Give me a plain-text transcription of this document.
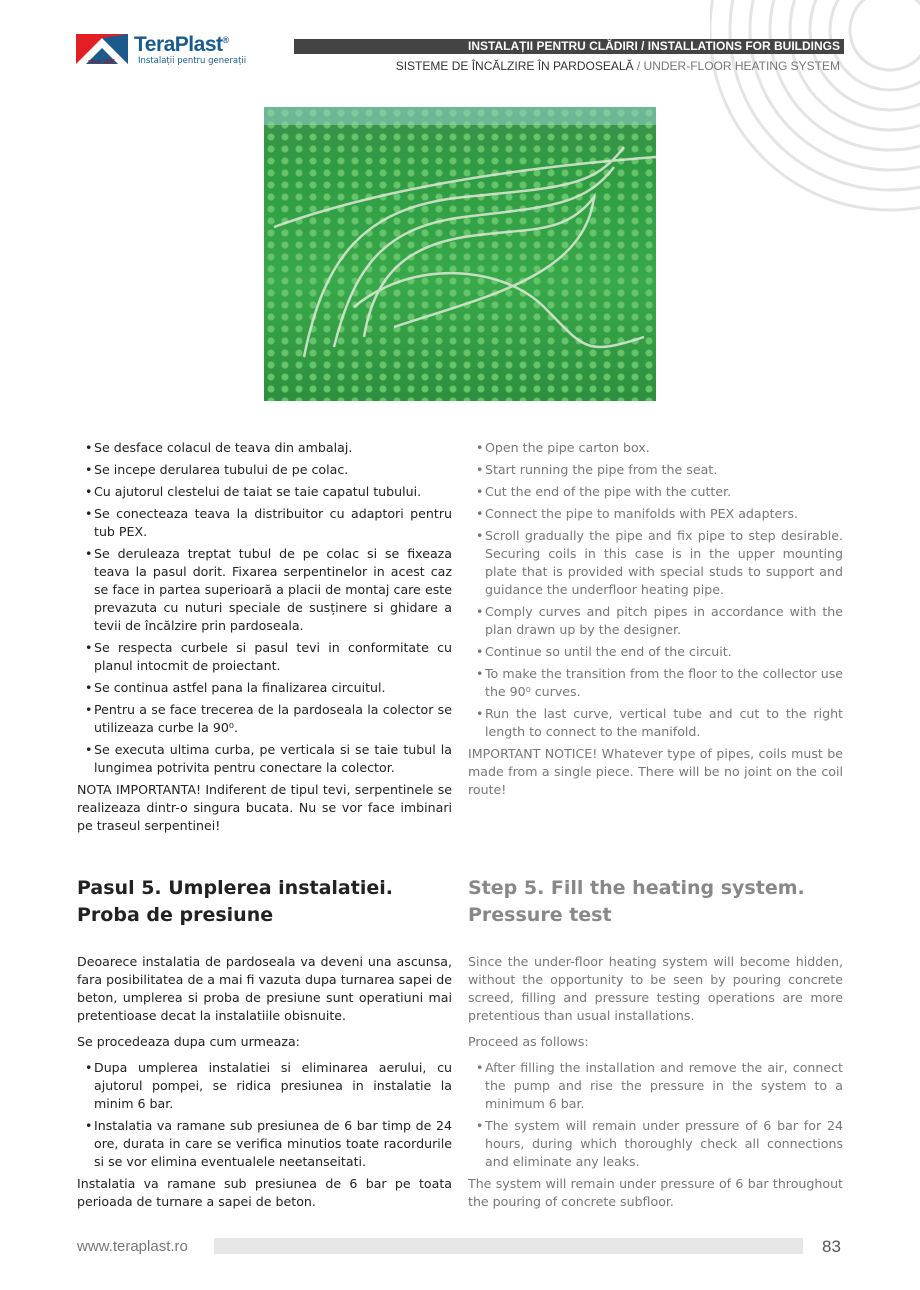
since 1896
TeraPlast®
Instalații pentru generații
INSTALAȚII PENTRU CLĂDIRI / INSTALLATIONS FOR BUILDINGS
SISTEME DE ÎNCĂLZIRE ÎN PARDOSEALĂ / UNDER-FLOOR HEATING SYSTEM
• Se desface colacul de teava din ambalaj.
• Se incepe derularea tubului de pe colac.
• Cu ajutorul clestelui de taiat se taie capatul tubului.
• Se conecteaza teava la distribuitor cu adaptori pentru tub PEX.
• Se deruleaza treptat tubul de pe colac si se fixeaza teava la pasul dorit. Fixarea serpentinelor in acest caz se face in partea superioară a placii de montaj care este prevazuta cu nuturi speciale de susținere si ghidare a tevii de încălzire prin pardoseala.
• Se respecta curbele si pasul tevi in conformitate cu planul intocmit de proiectant.
• Se continua astfel pana la finalizarea circuitul.
• Pentru a se face trecerea de la pardoseala la colector se utilizeaza curbe la 90⁰.
• Se executa ultima curba, pe verticala si se taie tubul la lungimea potrivita pentru conectare la colector.

NOTA IMPORTANTA! Indiferent de tipul tevi, serpentinele se realizeaza dintr-o singura bucata. Nu se vor face imbinari pe traseul serpentinei!

• Open the pipe carton box.
• Start running the pipe from the seat.
• Cut the end of the pipe with the cutter.
• Connect the pipe to manifolds with PEX adapters.
• Scroll gradually the pipe and fix pipe to step desirable. Securing coils in this case is in the upper mounting plate that is provided with special studs to support and guidance the underfloor heating pipe.
• Comply curves and pitch pipes in accordance with the plan drawn up by the designer.
• Continue so until the end of the circuit.
• To make the transition from the floor to the collector use the 90⁰ curves.
• Run the last curve, vertical tube and cut to the right length to connect to the manifold.

IMPORTANT NOTICE! Whatever type of pipes, coils must be made from a single piece. There will be no joint on the coil route!

Pasul 5. Umplerea instalatiei.
Proba de presiune

Deoarece instalatia de pardoseala va deveni una ascunsa, fara posibilitatea de a mai fi vazuta dupa turnarea sapei de beton, umplerea si proba de presiune sunt operatiuni mai pretentioase decat la instalatiile obisnuite.

Se procedeaza dupa cum urmeaza:

• Dupa umplerea instalatiei si eliminarea aerului, cu ajutorul pompei, se ridica presiunea in instalatie la minim 6 bar.
• Instalatia va ramane sub presiunea de 6 bar timp de 24 ore, durata in care se verifica minutios toate racordurile si se vor elimina eventualele neetanseitati.

Instalatia va ramane sub presiunea de 6 bar pe toata perioada de turnare a sapei de beton.

Step 5. Fill the heating system.
Pressure test

Since the under-floor heating system will become hidden, without the opportunity to be seen by pouring concrete screed, filling and pressure testing operations are more pretentious than usual installations.

Proceed as follows:

• After filling the installation and remove the air, connect the pump and rise the pressure in the system to a minimum 6 bar.
• The system will remain under pressure of 6 bar for 24 hours, during which thoroughly check all connections and eliminate any leaks.

The system will remain under pressure of 6 bar throughout the pouring of concrete subfloor.

www.teraplast.ro	83
